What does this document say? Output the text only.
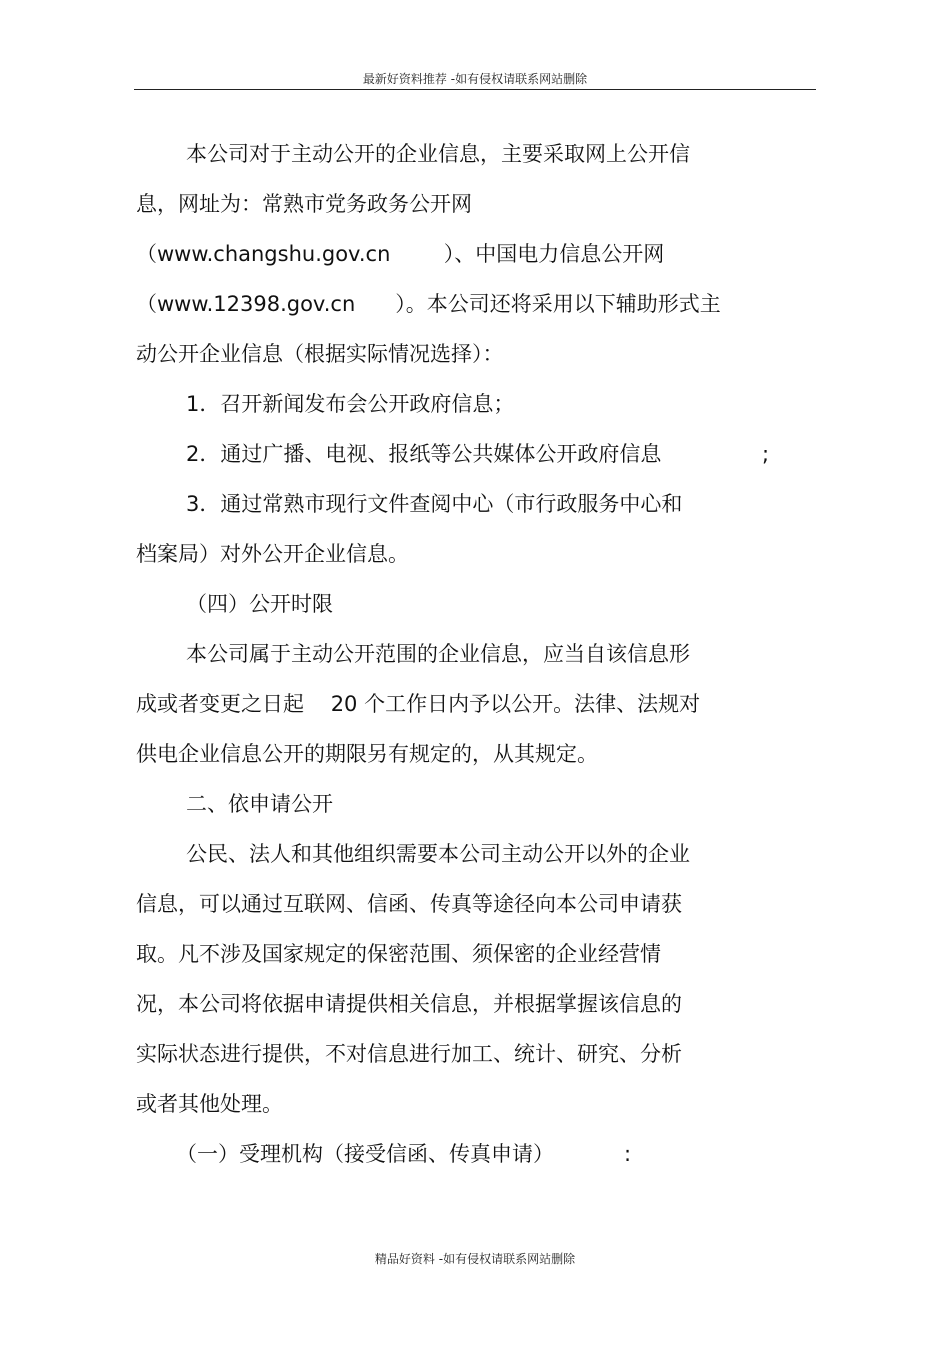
最新好资料推荐 -如有侵权请联系网站删除

本公司对于主动公开的企业信息，主要采取网上公开信

息，网址为：常熟市党务政务公开网

（www.changshu.gov.cn        ）、中国电力信息公开网

（www.12398.gov.cn      ）。本公司还将采用以下辅助形式主

动公开企业信息（根据实际情况选择）：

1．召开新闻发布会公开政府信息；

2．通过广播、电视、报纸等公共媒体公开政府信息	;

3．通过常熟市现行文件查阅中心（市行政服务中心和

档案局）对外公开企业信息。

（四）公开时限

本公司属于主动公开范围的企业信息，应当自该信息形

成或者变更之日起    20 个工作日内予以公开。法律、法规对

供电企业信息公开的期限另有规定的，从其规定。

二、依申请公开

公民、法人和其他组织需要本公司主动公开以外的企业

信息，可以通过互联网、信函、传真等途径向本公司申请获

取。凡不涉及国家规定的保密范围、须保密的企业经营情

况，本公司将依据申请提供相关信息，并根据掌握该信息的

实际状态进行提供，不对信息进行加工、统计、研究、分析

或者其他处理。

（一）受理机构（接受信函、传真申请）	:

精品好资料 -如有侵权请联系网站删除
